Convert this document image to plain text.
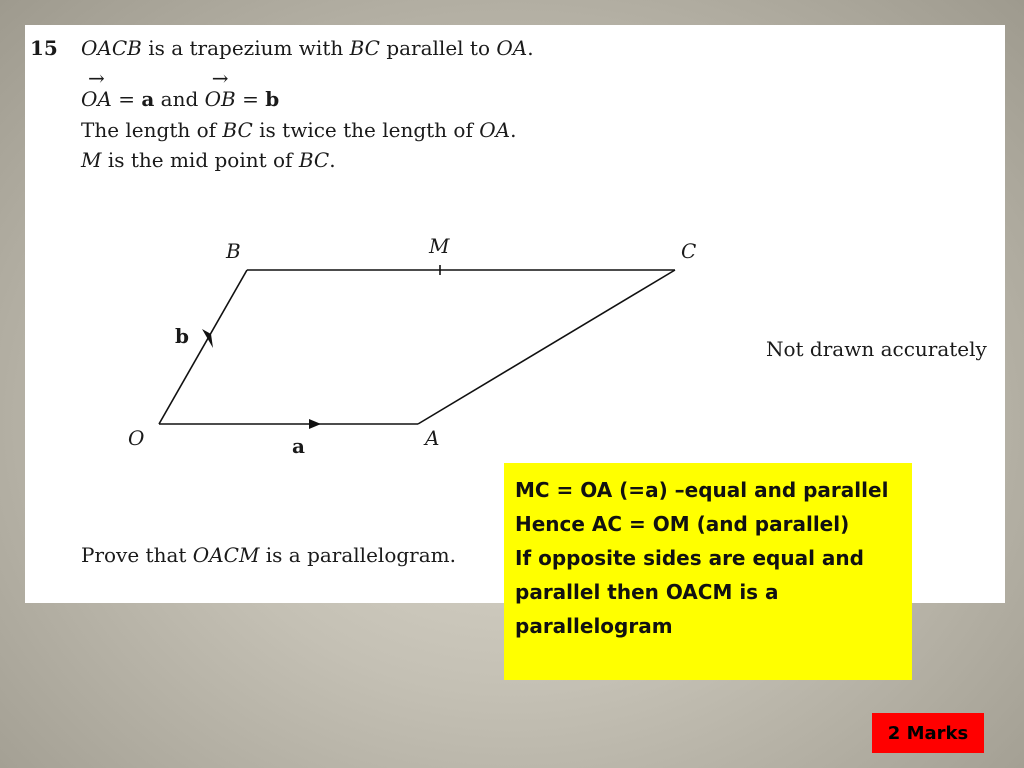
15 OACB is a trapezium with BC parallel to OA.
→
OA = a and
→
OB = b
The length of BC is twice the length of OA.
M is the mid point of BC.
O	A
B	C
M
a
b
Not drawn accurately
Prove that OACM is a parallelogram.
MC = OA (=a) –equal and parallel
Hence AC = OM (and parallel)
If opposite sides are equal and parallel then OACM is a parallelogram
2 Marks
